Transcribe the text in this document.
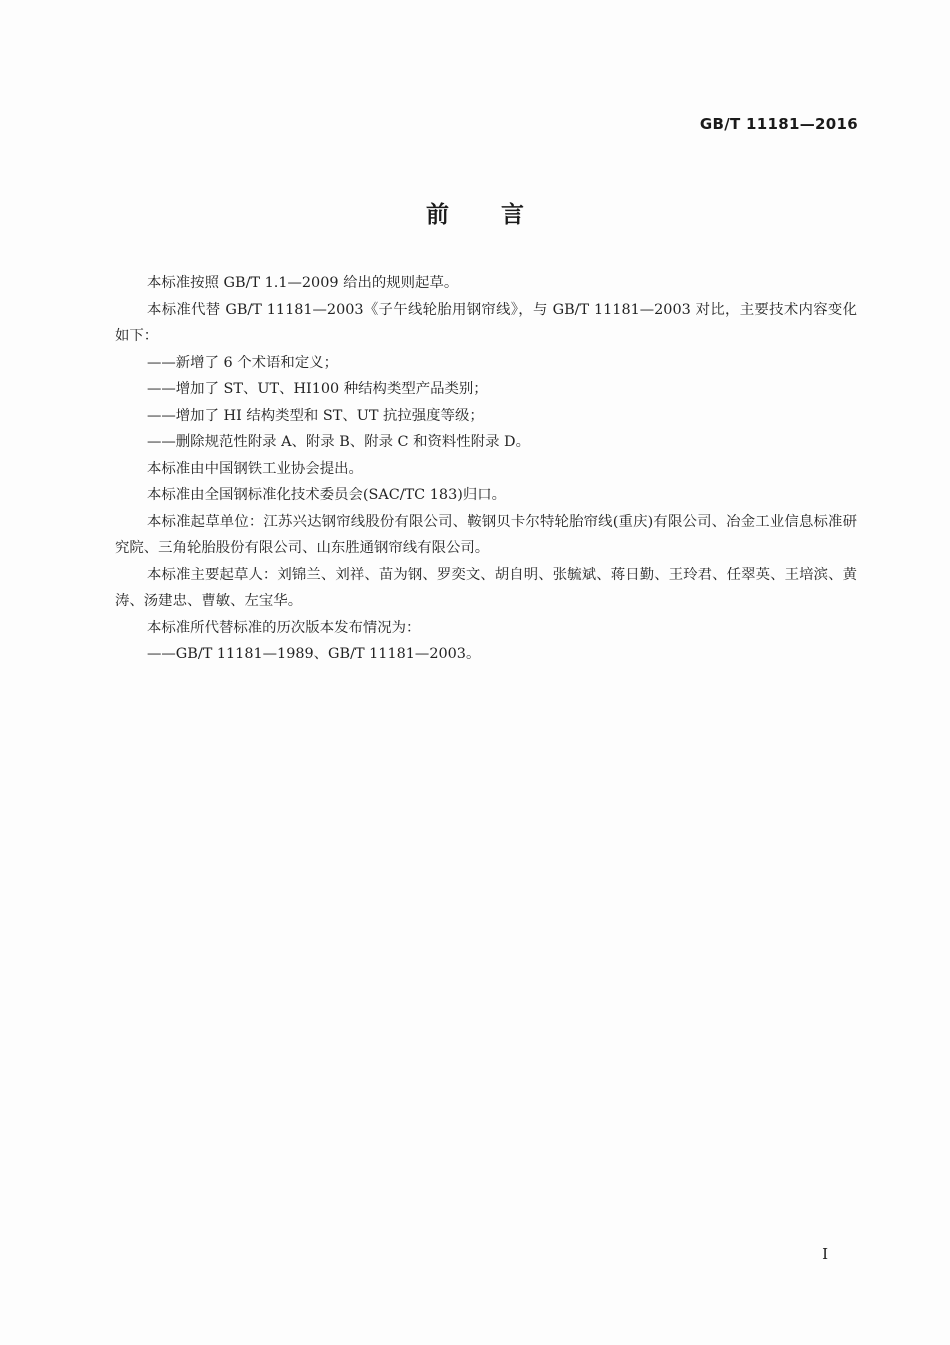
GB/T 11181—2016
前言

本标准按照 GB/T 1.1—2009 给出的规则起草。

本标准代替 GB/T 11181—2003《子午线轮胎用钢帘线》，与 GB/T 11181—2003 对比，主要技术内容变化如下：

——新增了 6 个术语和定义；

——增加了 ST、UT、HI100 种结构类型产品类别；

——增加了 HI 结构类型和 ST、UT 抗拉强度等级；

——删除规范性附录 A、附录 B、附录 C 和资料性附录 D。

本标准由中国钢铁工业协会提出。

本标准由全国钢标准化技术委员会(SAC/TC 183)归口。

本标准起草单位：江苏兴达钢帘线股份有限公司、鞍钢贝卡尔特轮胎帘线(重庆)有限公司、冶金工业信息标准研究院、三角轮胎股份有限公司、山东胜通钢帘线有限公司。

本标准主要起草人：刘锦兰、刘祥、苗为钢、罗奕文、胡自明、张毓斌、蒋日勤、王玲君、任翠英、王培滨、黄涛、汤建忠、曹敏、左宝华。

本标准所代替标准的历次版本发布情况为：

——GB/T 11181—1989、GB/T 11181—2003。

I
